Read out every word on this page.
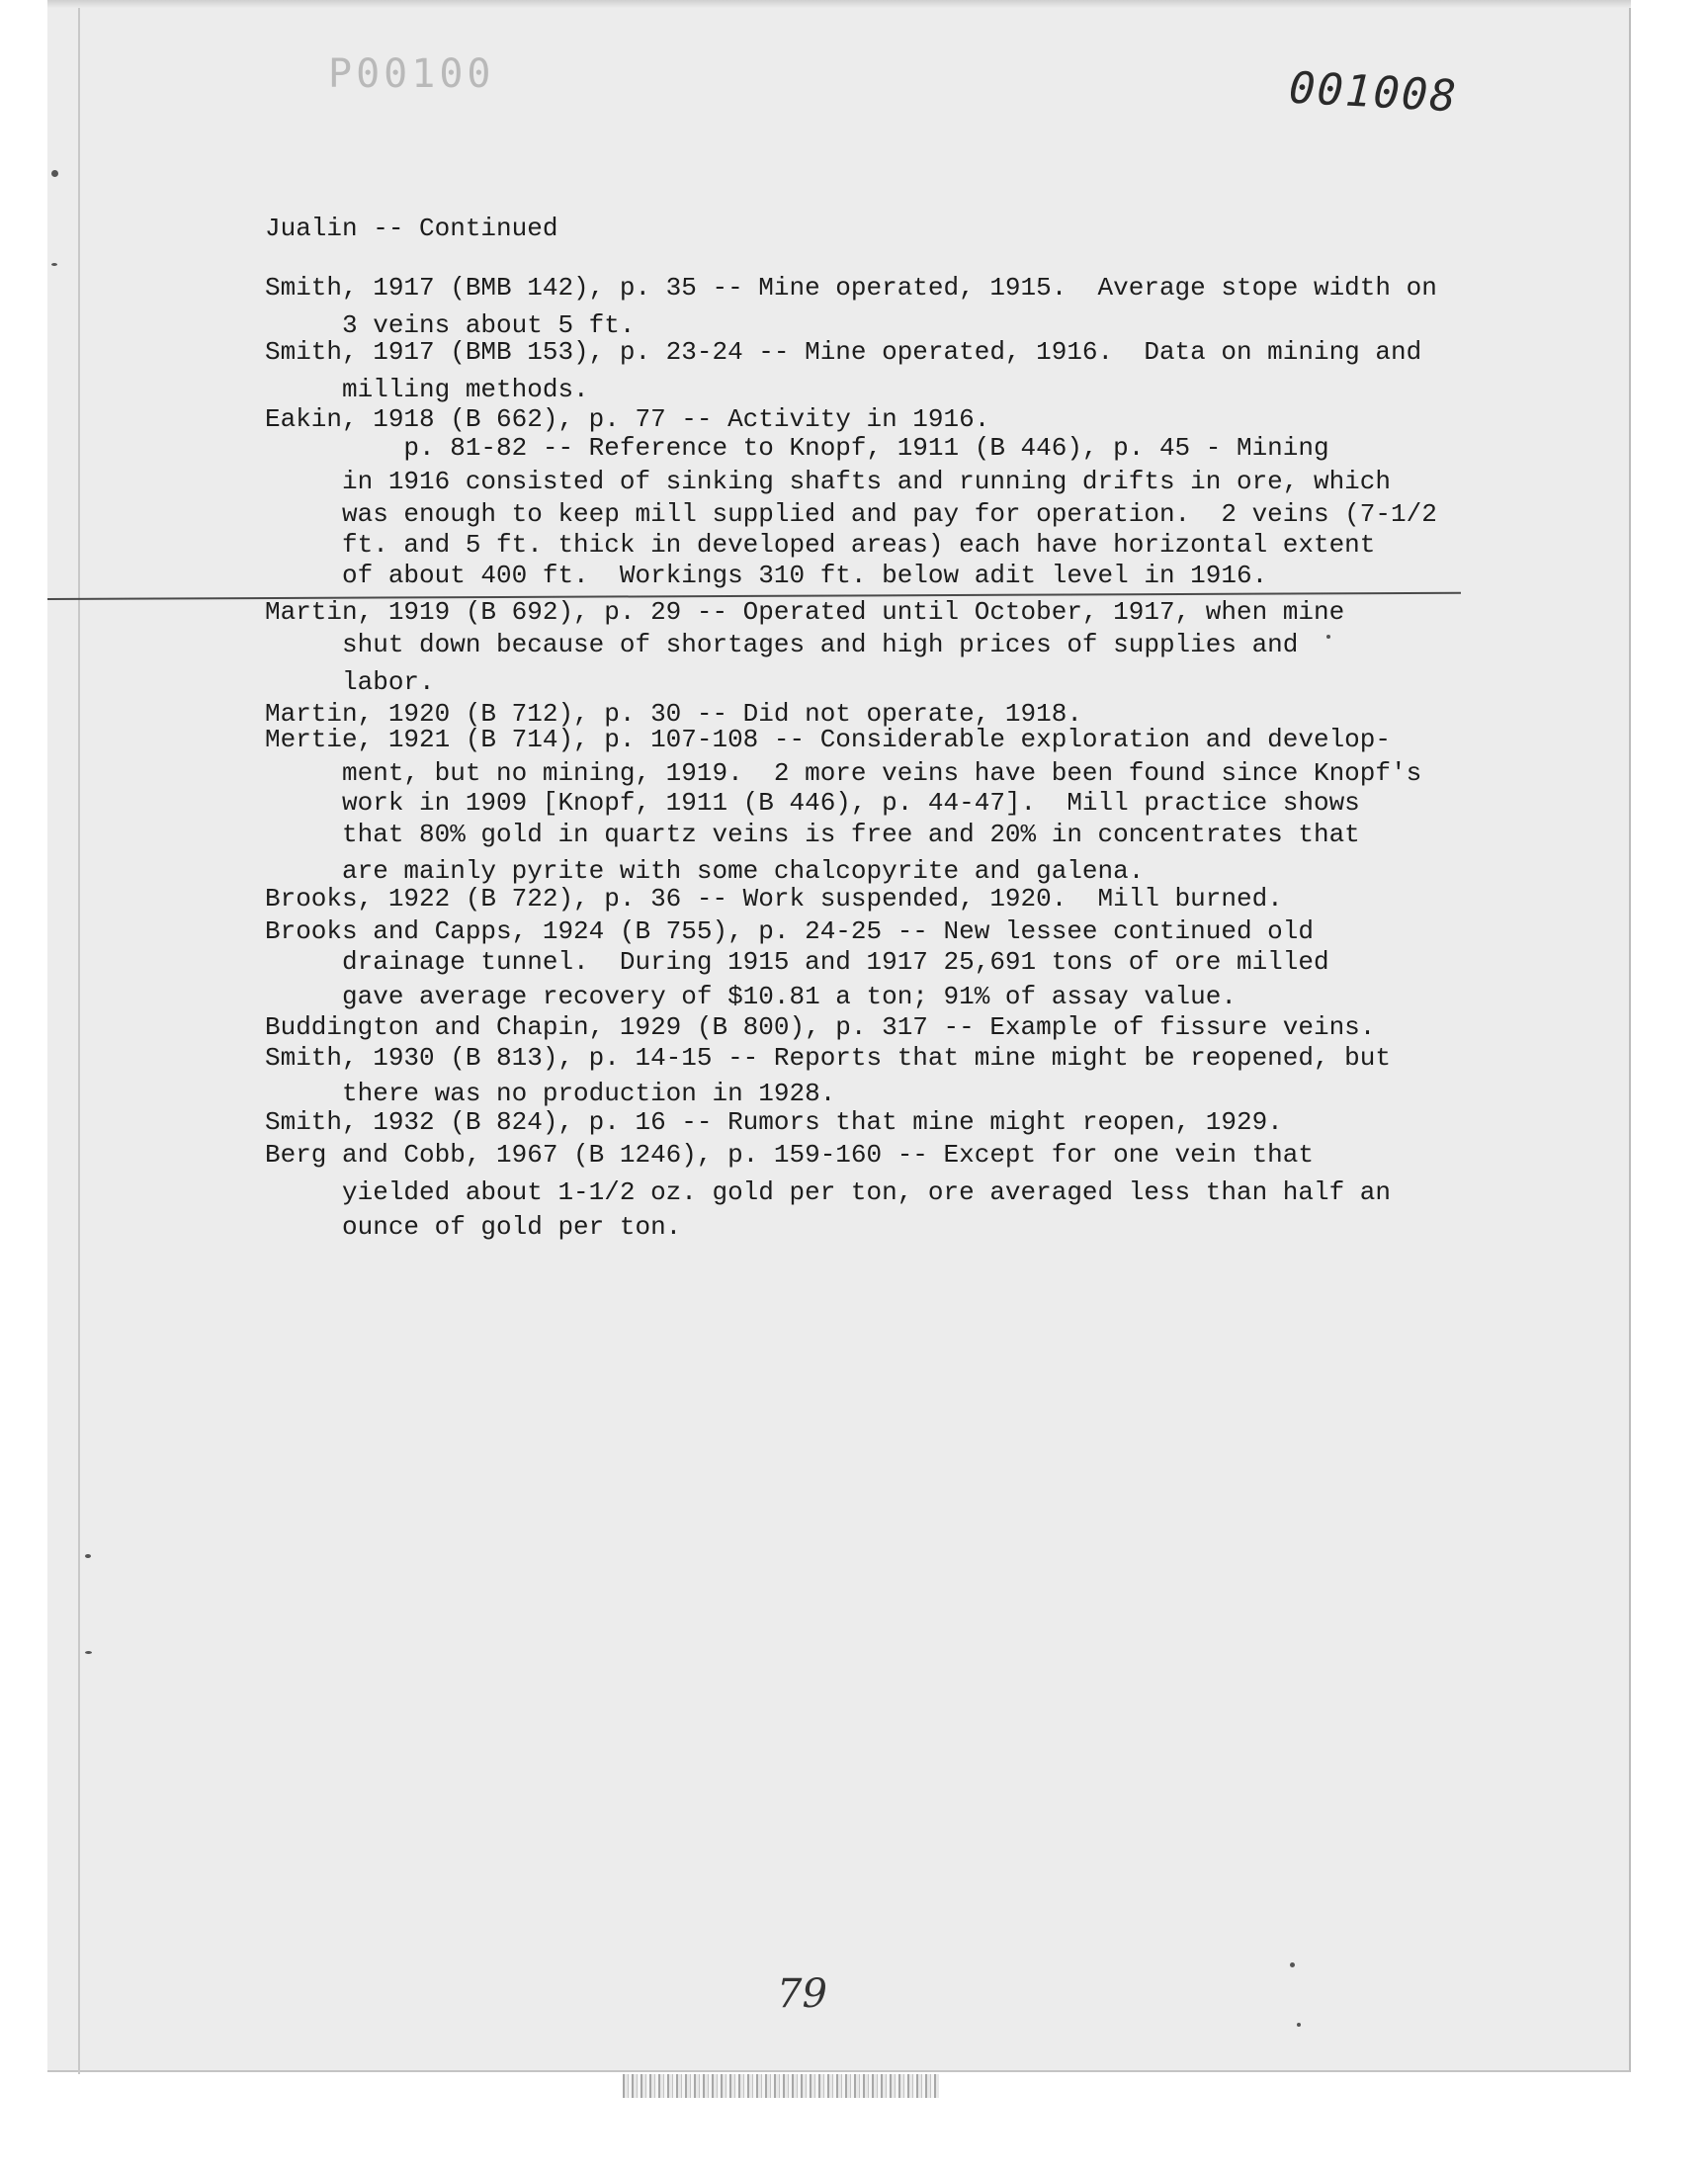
P00100	001008
Jualin -- Continued
Smith, 1917 (BMB 142), p. 35 -- Mine operated, 1915.  Average stope width on
3 veins about 5 ft.
Smith, 1917 (BMB 153), p. 23-24 -- Mine operated, 1916.  Data on mining and
milling methods.
Eakin, 1918 (B 662), p. 77 -- Activity in 1916.
p. 81-82 -- Reference to Knopf, 1911 (B 446), p. 45 - Mining
in 1916 consisted of sinking shafts and running drifts in ore, which
was enough to keep mill supplied and pay for operation.  2 veins (7-1/2
ft. and 5 ft. thick in developed areas) each have horizontal extent
of about 400 ft.  Workings 310 ft. below adit level in 1916.
Martin, 1919 (B 692), p. 29 -- Operated until October, 1917, when mine
shut down because of shortages and high prices of supplies and
labor.
Martin, 1920 (B 712), p. 30 -- Did not operate, 1918.
Mertie, 1921 (B 714), p. 107-108 -- Considerable exploration and develop-
ment, but no mining, 1919.  2 more veins have been found since Knopf's
work in 1909 [Knopf, 1911 (B 446), p. 44-47].  Mill practice shows
that 80% gold in quartz veins is free and 20% in concentrates that
are mainly pyrite with some chalcopyrite and galena.
Brooks, 1922 (B 722), p. 36 -- Work suspended, 1920.  Mill burned.
Brooks and Capps, 1924 (B 755), p. 24-25 -- New lessee continued old
drainage tunnel.  During 1915 and 1917 25,691 tons of ore milled
gave average recovery of $10.81 a ton; 91% of assay value.
Buddington and Chapin, 1929 (B 800), p. 317 -- Example of fissure veins.
Smith, 1930 (B 813), p. 14-15 -- Reports that mine might be reopened, but
there was no production in 1928.
Smith, 1932 (B 824), p. 16 -- Rumors that mine might reopen, 1929.
Berg and Cobb, 1967 (B 1246), p. 159-160 -- Except for one vein that
yielded about 1-1/2 oz. gold per ton, ore averaged less than half an
ounce of gold per ton.
79
